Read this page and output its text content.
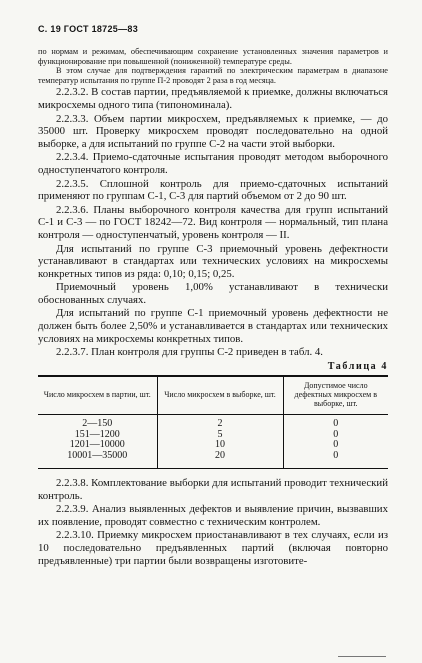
С. 19 ГОСТ 18725—83

по нормам и режимам, обеспечивающим сохранение установленных значения параметров и функционирование при повышенной (пониженной) температуре среды.

В этом случае для подтверждения гарантий по электрическим параметрам в диапазоне температур испытания по группе П-2 проводят 2 раза в год месяца.

2.2.3.2. В состав партии, предъявляемой к приемке, должны включаться микросхемы одного типа (типономинала).

2.2.3.3. Объем партии микросхем, предъявляемых к приемке, — до 35000 шт. Проверку микросхем проводят последовательно на одной выборке, а для испытаний по группе С-2 на части этой выборки.

2.2.3.4. Приемо-сдаточные испытания проводят методом выборочного одноступенчатого контроля.

2.2.3.5. Сплошной контроль для приемо-сдаточных испытаний применяют по группам С-1, С-3 для партий объемом от 2 до 90 шт.

2.2.3.6. Планы выборочного контроля качества для групп испытаний С-1 и С-3 — по ГОСТ 18242—72. Вид контроля — нормальный, тип плана контроля — одноступенчатый, уровень контроля — II.

Для испытаний по группе С-3 приемочный уровень дефектности устанавливают в стандартах или технических условиях на микросхемы конкретных типов из ряда: 0,10; 0,15; 0,25.

Приемочный уровень 1,00% устанавливают в технически обоснованных случаях.

Для испытаний по группе С-1 приемочный уровень дефектности не должен быть более 2,50% и устанавливается в стандартах или технических условиях на микросхемы конкретных типов.

2.2.3.7. План контроля для группы С-2 приведен в табл. 4.

Таблица 4
Число микросхем в партии, шт.	Число микросхем в выборке, шт.	Допустимое число дефектных микросхем в выборке, шт.
2—150	2	0
151—1200	5	0
1201—10000	10	0
10001—35000	20	0

2.2.3.8. Комплектование выборки для испытаний проводит технический контроль.

2.2.3.9. Анализ выявленных дефектов и выявление причин, вызвавших их появление, проводят совместно с техническим контролем.

2.2.3.10. Приемку микросхем приостанавливают в тех случаях, если из 10 последовательно предъявленных партий (включая повторно предъявленные) три партии были возвращены изготовите-
